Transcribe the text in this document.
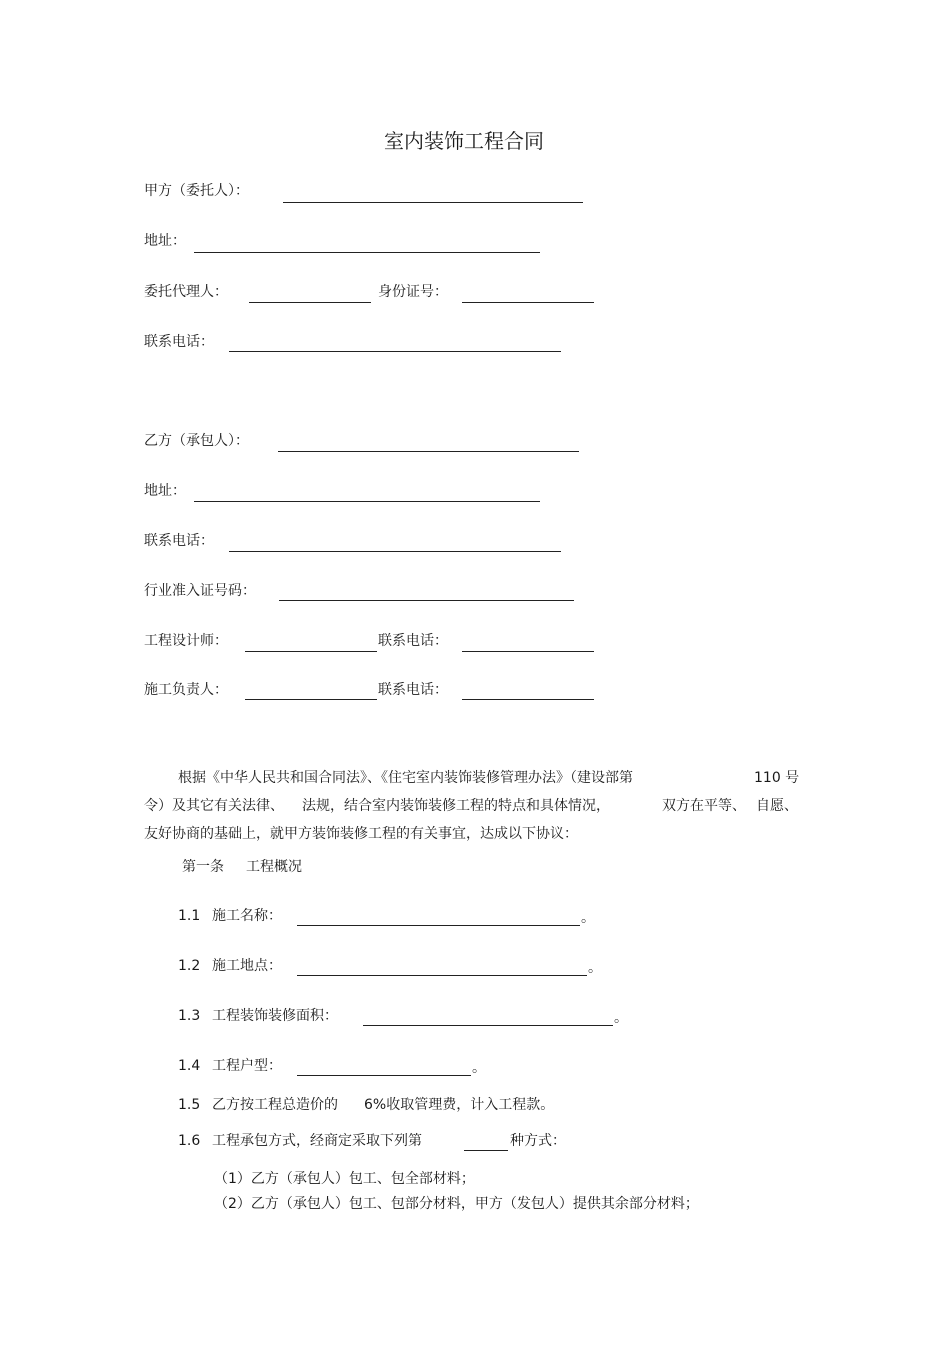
室内装饰工程合同
甲方（委托人）：
地址：
委托代理人：	身份证号：
联系电话：
乙方（承包人）：
地址：
联系电话：
行业准入证号码：
工程设计师：	联系电话：
施工负责人：	联系电话：
根据《中华人民共和国合同法》、《住宅室内装饰装修管理办法》（建设部第	110 号
令）及其它有关法律、 法规，结合室内装饰装修工程的特点和具体情况，	双方在平等、 自愿、
友好协商的基础上，就甲方装饰装修工程的有关事宜，达成以下协议：
第一条 工程概况
1.1 施工名称：	。
1.2 施工地点：	。
1.3 工程装饰装修面积：	。
1.4 工程户型：	。
1.5 乙方按工程总造价的 6%收取管理费，计入工程款。
1.6 工程承包方式，经商定采取下列第	种方式：
（1）乙方（承包人）包工、包全部材料；
（2）乙方（承包人）包工、包部分材料，甲方（发包人）提供其余部分材料；
